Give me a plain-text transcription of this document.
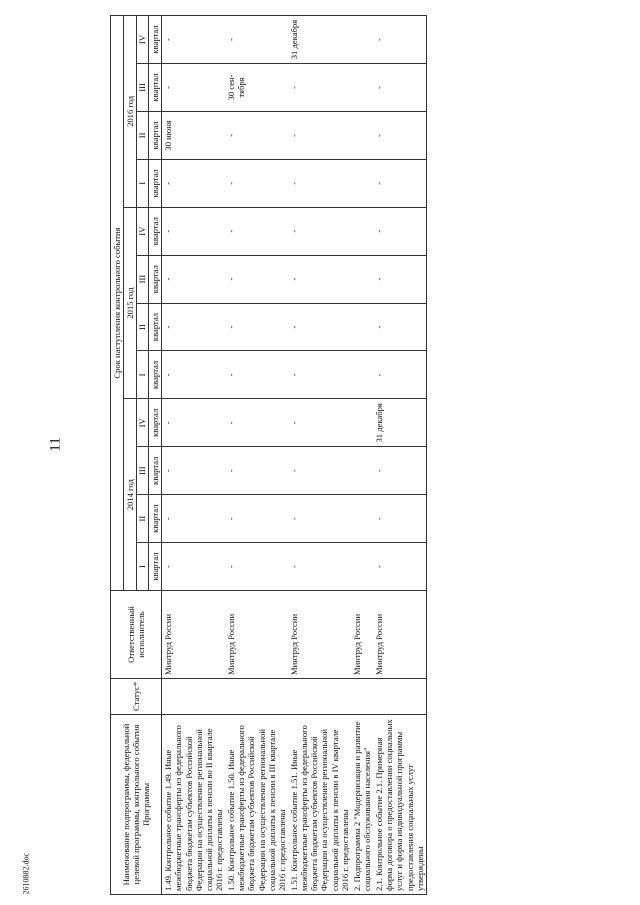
11
2610882.doc	Наименование подпрограммы, федеральной целевой программы, контрольного события Программы	Статус*	Ответственный исполнитель	Срок наступления контрольного события											
			2014 год				2015 год				2016 год			

			I квартал	II квартал	III квартал	IV квартал	I квартал	II квартал	III квартал	IV квартал	I квартал	II квартал	III квартал	IV квартал

1.49. Контрольное событие 1.49. Иные межбюджетные трансферты из федерального бюджета бюджетам субъектов Российской Федерации на осуществление региональной социальной доплаты к пенсии во II квартале 2016 г. предоставлены		Минтруд России	-	-	-	-	-	-	-	-	-	30 июня	-	-
1.50. Контрольное событие 1.50. Иные межбюджетные трансферты из федерального бюджета бюджетам субъектов Российской Федерации на осуществление региональной социальной доплаты к пенсии в III квартале 2016 г. предоставлены		Минтруд России	-	-	-	-	-	-	-	-	-	-	30 сен- тября	-
1.51. Контрольное событие 1.51. Иные межбюджетные трансферты из федерального бюджета бюджетам субъектов Российской Федерации на осуществление региональной социальной доплаты к пенсии в IV квартале 2016 г. предоставлены		Минтруд России	-	-	-	-	-	-	-	-	-	-	-	31 декабря
2. Подпрограмма 2 "Модернизация и развитие социального обслуживания населения"		Минтруд России												
2.1. Контрольное событие 2.1. Примерная форма договора о предоставлении социальных услуг и форма индивидуальной программы предоставления социальных услуг утверждены		Минтруд России	-	-	-	31 декабря	-	-	-	-	-	-	-	-
